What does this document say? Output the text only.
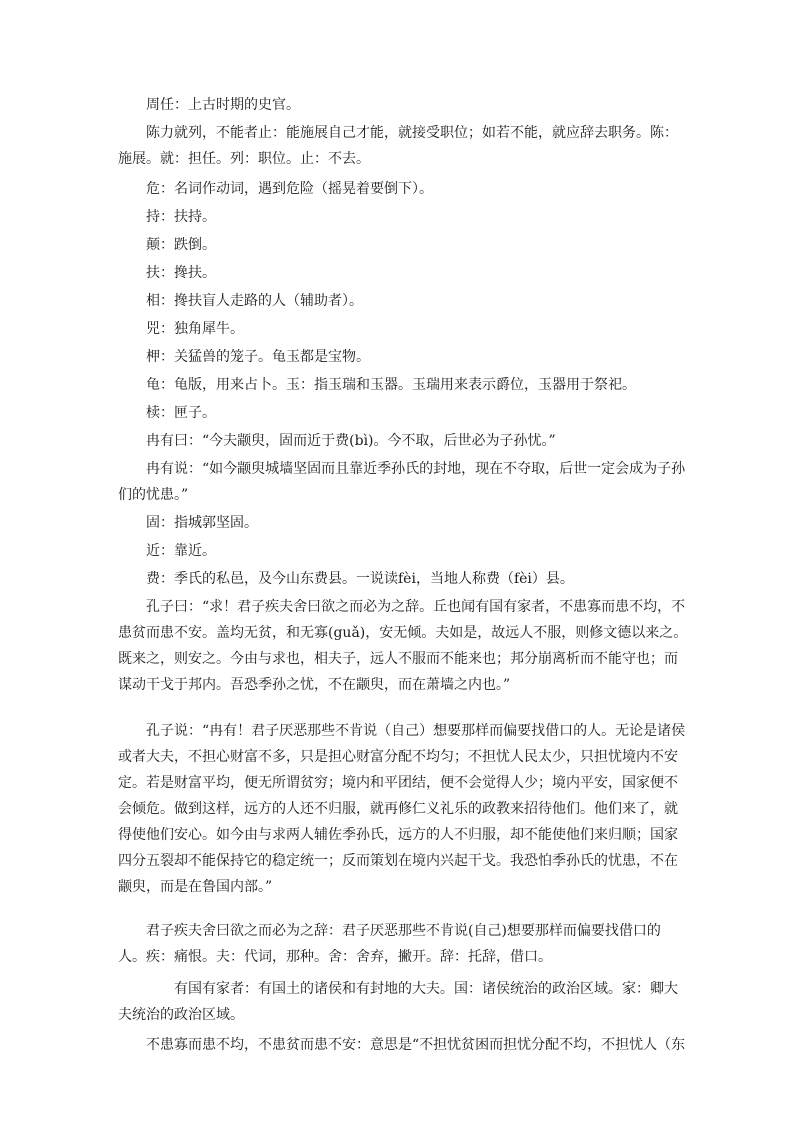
周任：上古时期的史官。

陈力就列，不能者止：能施展自己才能，就接受职位；如若不能，就应辞去职务。陈：施展。就：担任。列：职位。止：不去。

危：名词作动词，遇到危险（摇晃着要倒下）。

持：扶持。

颠：跌倒。

扶：搀扶。

相：搀扶盲人走路的人（辅助者）。

兕：独角犀牛。

柙：关猛兽的笼子。龟玉都是宝物。

龟：龟版，用来占卜。玉：指玉瑞和玉器。玉瑞用来表示爵位，玉器用于祭祀。

椟：匣子。

冉有曰：“今夫颛臾，固而近于费(bì)。今不取，后世必为子孙忧。”

冉有说：“如今颛臾城墙坚固而且靠近季孙氏的封地，现在不夺取，后世一定会成为子孙们的忧患。”

固：指城郭坚固。

近：靠近。

费：季氏的私邑，及今山东费县。一说读fèi，当地人称费（fèi）县。

孔子曰：“求！君子疾夫舍曰欲之而必为之辞。丘也闻有国有家者，不患寡而患不均，不患贫而患不安。盖均无贫，和无寡(guǎ)，安无倾。夫如是，故远人不服，则修文德以来之。既来之，则安之。今由与求也，相夫子，远人不服而不能来也；邦分崩离析而不能守也；而谋动干戈于邦内。吾恐季孙之忧，不在颛臾，而在萧墙之内也。”

孔子说：“冉有！君子厌恶那些不肯说（自己）想要那样而偏要找借口的人。无论是诸侯或者大夫，不担心财富不多，只是担心财富分配不均匀；不担忧人民太少，只担忧境内不安定。若是财富平均，便无所谓贫穷；境内和平团结，便不会觉得人少；境内平安，国家便不会倾危。做到这样，远方的人还不归服，就再修仁义礼乐的政教来招待他们。他们来了，就得使他们安心。如今由与求两人辅佐季孙氏，远方的人不归服，却不能使他们来归顺；国家四分五裂却不能保持它的稳定统一；反而策划在境内兴起干戈。我恐怕季孙氏的忧患，不在颛臾，而是在鲁国内部。”

君子疾夫舍曰欲之而必为之辞：君子厌恶那些不肯说(自己)想要那样而偏要找借口的人。疾：痛恨。夫：代词，那种。舍：舍弃，撇开。辞：托辞，借口。

有国有家者：有国土的诸侯和有封地的大夫。国：诸侯统治的政治区域。家：卿大夫统治的政治区域。

不患寡而患不均，不患贫而患不安：意思是“不担忧贫困而担忧分配不均，不担忧人（东
